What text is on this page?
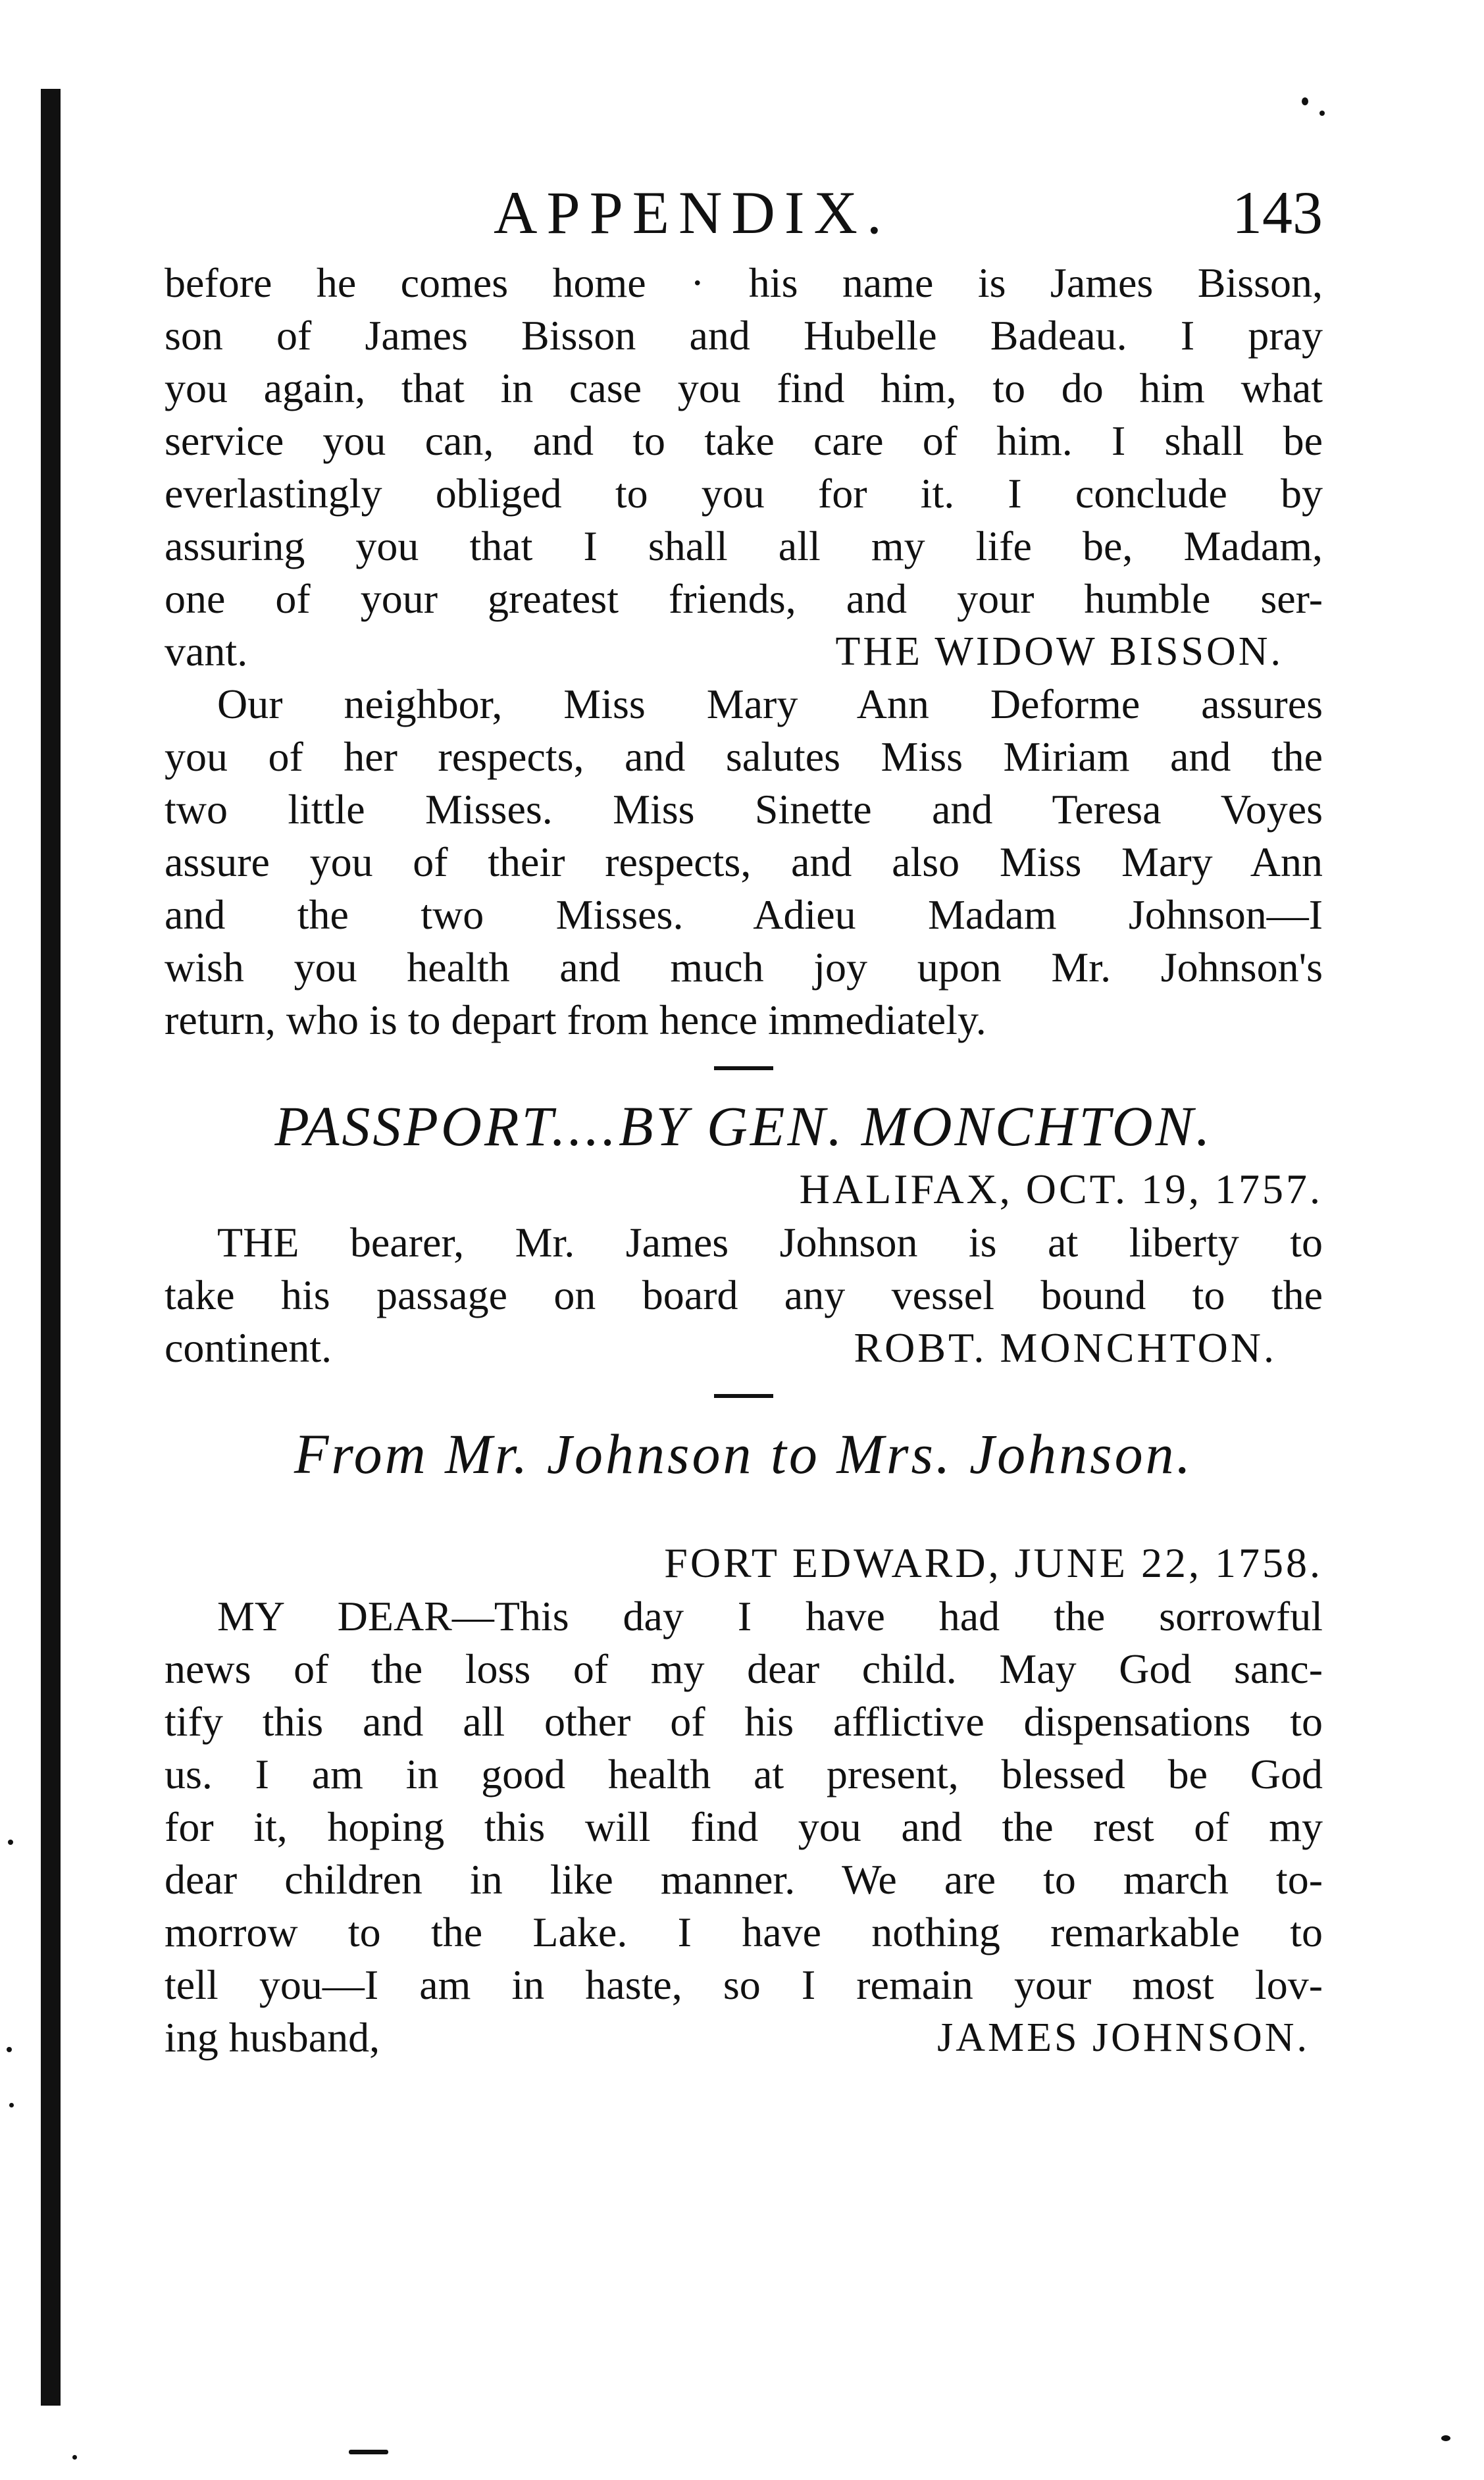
APPENDIX.	143
before he comes home · his name is James Bisson,
son of James Bisson and Hubelle Badeau. I pray
you again, that in case you find him, to do him what
service you can, and to take care of him. I shall be
everlastingly obliged to you for it. I conclude by
assuring you that I shall all my life be, Madam,
one of your greatest friends, and your humble ser-
vant.	THE WIDOW BISSON.
Our neighbor, Miss Mary Ann Deforme assures
you of her respects, and salutes Miss Miriam and the
two little Misses. Miss Sinette and Teresa Voyes
assure you of their respects, and also Miss Mary Ann
and the two Misses. Adieu Madam Johnson—I
wish you health and much joy upon Mr. Johnson's
return, who is to depart from hence immediately.
PASSPORT....BY GEN. MONCHTON.
HALIFAX, OCT. 19, 1757.
THE bearer, Mr. James Johnson is at liberty to
take his passage on board any vessel bound to the
continent.	ROBT. MONCHTON.
From Mr. Johnson to Mrs. Johnson.
FORT EDWARD, JUNE 22, 1758.
MY DEAR—This day I have had the sorrowful
news of the loss of my dear child. May God sanc-
tify this and all other of his afflictive dispensations to
us. I am in good health at present, blessed be God
for it, hoping this will find you and the rest of my
dear children in like manner. We are to march to-
morrow to the Lake. I have nothing remarkable to
tell you—I am in haste, so I remain your most lov-
ing husband,	JAMES JOHNSON.
